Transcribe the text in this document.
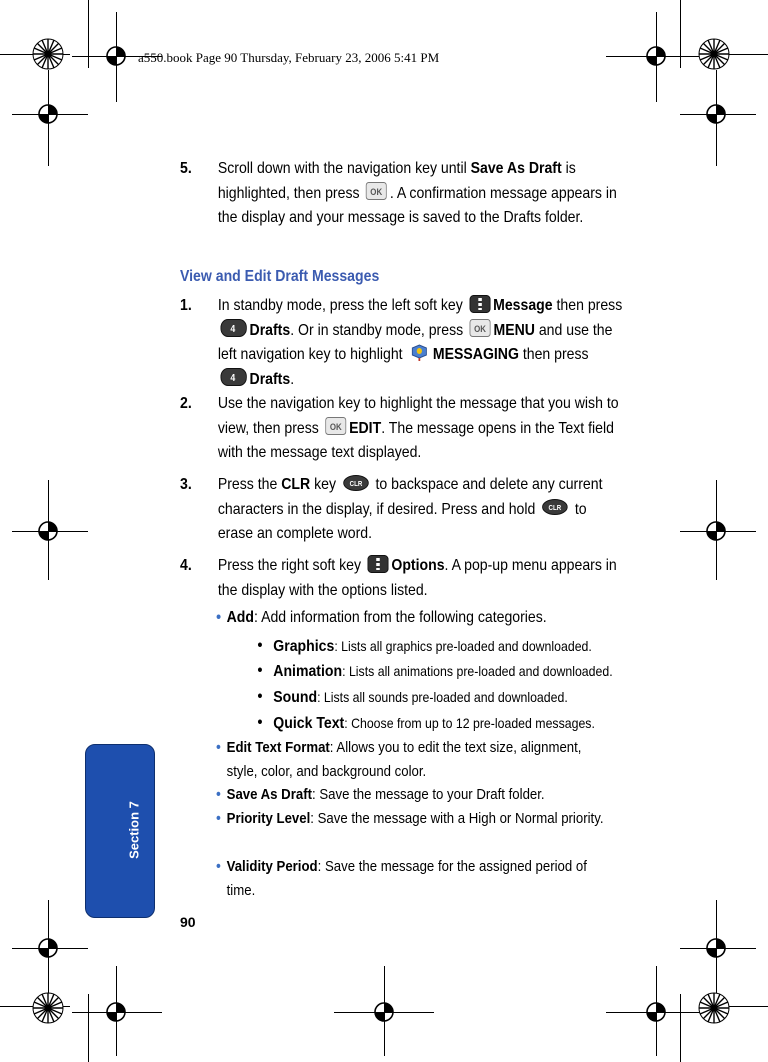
a550.book Page 90 Thursday, February 23, 2006 5:41 PM
Section 7
5. Scroll down with the navigation key until Save As Draft is highlighted, then press OK . A confirmation message appears in the display and your message is saved to the Drafts folder.
View and Edit Draft Messages
1. In standby mode, press the left soft key
Message then press
4 Drafts. Or in standby mode, press OK MENU and use the left navigation key to highlight
MESSAGING then press
4 Drafts.
2. Use the navigation key to highlight the message that you wish to view, then press OK EDIT. The message opens in the Text field with the message text displayed.
3. Press the CLR key CLR to backspace and delete any current characters in the display, if desired. Press and hold CLR to erase an complete word.
4. Press the right soft key
Options. A pop-up menu appears in the display with the options listed.
• Add: Add information from the following categories.
• Graphics: Lists all graphics pre-loaded and downloaded.
• Animation: Lists all animations pre-loaded and downloaded.
• Sound: Lists all sounds pre-loaded and downloaded.
• Quick Text: Choose from up to 12 pre-loaded messages.
• Edit Text Format: Allows you to edit the text size, alignment, style, color, and background color.
• Save As Draft: Save the message to your Draft folder.
• Priority Level: Save the message with a High or Normal priority.
• Validity Period: Save the message for the assigned period of time.
90
